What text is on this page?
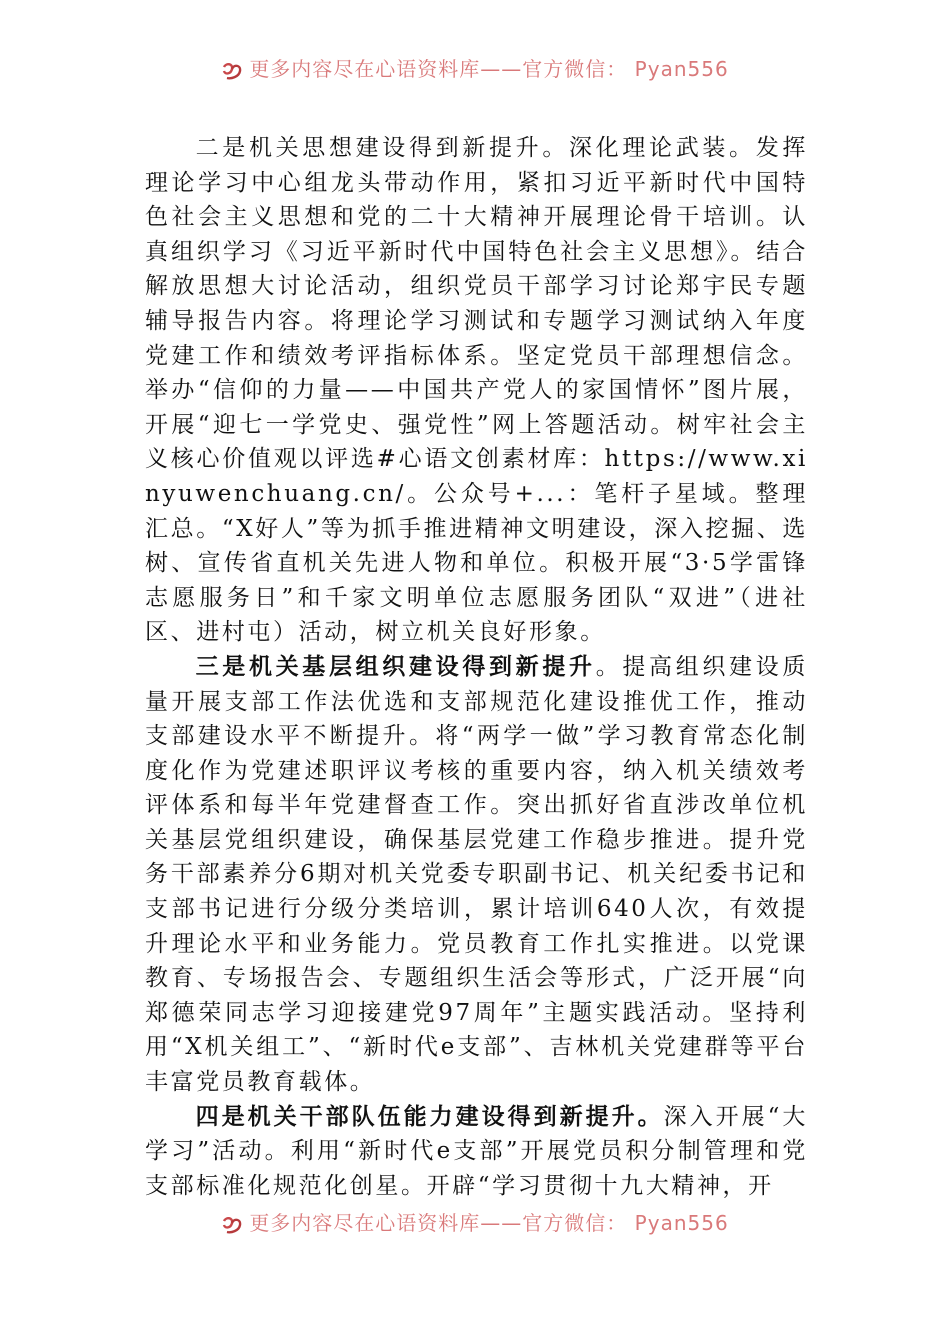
更多内容尽在心语资料库——官方微信： Pyan556

二是机关思想建设得到新提升。深化理论武装。发挥理论学习中心组龙头带动作用，紧扣习近平新时代中国特色社会主义思想和党的二十大精神开展理论骨干培训。认真组织学习《习近平新时代中国特色社会主义思想》。结合解放思想大讨论活动，组织党员干部学习讨论郑宇民专题辅导报告内容。将理论学习测试和专题学习测试纳入年度党建工作和绩效考评指标体系。坚定党员干部理想信念。举办“信仰的力量——中国共产党人的家国情怀”图片展，开展“迎七一学党史、强党性”网上答题活动。树牢社会主义核心价值观以评选#心语文创素材库：https://www.xinyuwenchuang.cn/。公众号+...：笔杆子星域。整理汇总。“X好人”等为抓手推进精神文明建设，深入挖掘、选树、宣传省直机关先进人物和单位。积极开展“3·5学雷锋志愿服务日”和千家文明单位志愿服务团队“双进”（进社区、进村屯）活动，树立机关良好形象。

三是机关基层组织建设得到新提升。提高组织建设质量开展支部工作法优选和支部规范化建设推优工作，推动支部建设水平不断提升。将“两学一做”学习教育常态化制度化作为党建述职评议考核的重要内容，纳入机关绩效考评体系和每半年党建督查工作。突出抓好省直涉改单位机关基层党组织建设，确保基层党建工作稳步推进。提升党务干部素养分6期对机关党委专职副书记、机关纪委书记和支部书记进行分级分类培训，累计培训640人次，有效提升理论水平和业务能力。党员教育工作扎实推进。以党课教育、专场报告会、专题组织生活会等形式，广泛开展“向郑德荣同志学习迎接建党97周年”主题实践活动。坚持利用“X机关组工”、“新时代e支部”、吉林机关党建群等平台丰富党员教育载体。

四是机关干部队伍能力建设得到新提升。深入开展“大学习”活动。利用“新时代e支部”开展党员积分制管理和党支部标准化规范化创星。开辟“学习贯彻十九大精神，开

更多内容尽在心语资料库——官方微信： Pyan556
